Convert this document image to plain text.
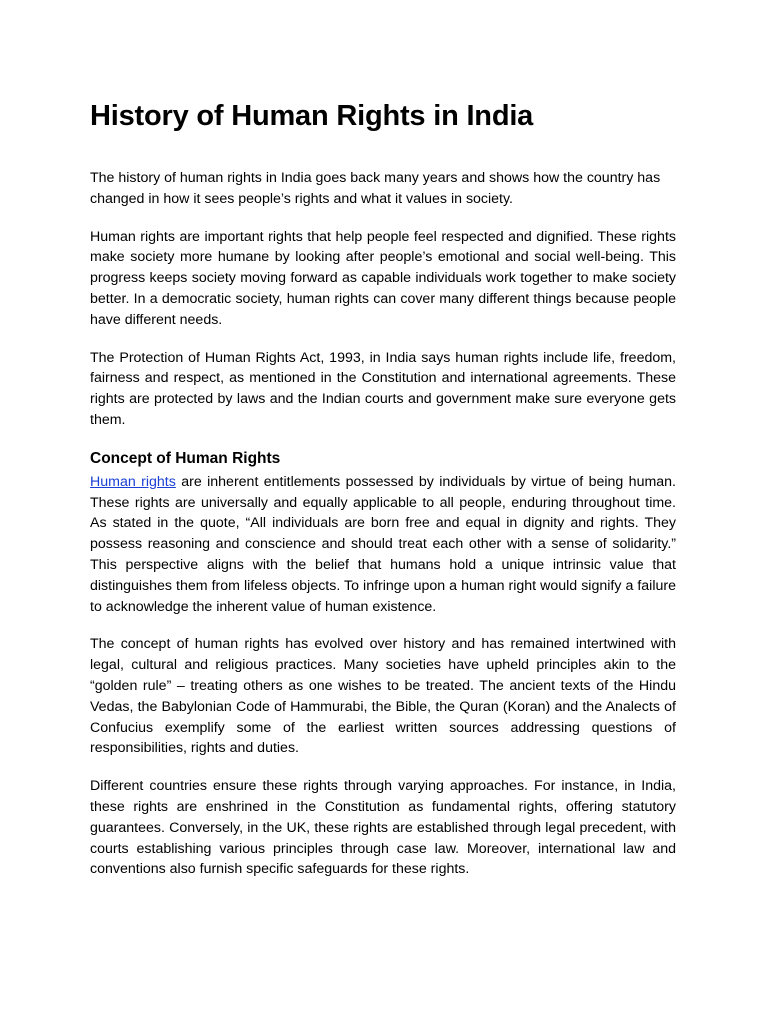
History of Human Rights in India

The history of human rights in India goes back many years and shows how the country has changed in how it sees people’s rights and what it values in society.

Human rights are important rights that help people feel respected and dignified. These rights make society more humane by looking after people’s emotional and social well-being. This progress keeps society moving forward as capable individuals work together to make society better. In a democratic society, human rights can cover many different things because people have different needs.

The Protection of Human Rights Act, 1993, in India says human rights include life, freedom, fairness and respect, as mentioned in the Constitution and international agreements. These rights are protected by laws and the Indian courts and government make sure everyone gets them.

Concept of Human Rights

Human rights are inherent entitlements possessed by individuals by virtue of being human. These rights are universally and equally applicable to all people, enduring throughout time. As stated in the quote, “All individuals are born free and equal in dignity and rights. They possess reasoning and conscience and should treat each other with a sense of solidarity.” This perspective aligns with the belief that humans hold a unique intrinsic value that distinguishes them from lifeless objects. To infringe upon a human right would signify a failure to acknowledge the inherent value of human existence.

The concept of human rights has evolved over history and has remained intertwined with legal, cultural and religious practices. Many societies have upheld principles akin to the “golden rule” – treating others as one wishes to be treated. The ancient texts of the Hindu Vedas, the Babylonian Code of Hammurabi, the Bible, the Quran (Koran) and the Analects of Confucius exemplify some of the earliest written sources addressing questions of responsibilities, rights and duties.

Different countries ensure these rights through varying approaches. For instance, in India, these rights are enshrined in the Constitution as fundamental rights, offering statutory guarantees. Conversely, in the UK, these rights are established through legal precedent, with courts establishing various principles through case law. Moreover, international law and conventions also furnish specific safeguards for these rights.
